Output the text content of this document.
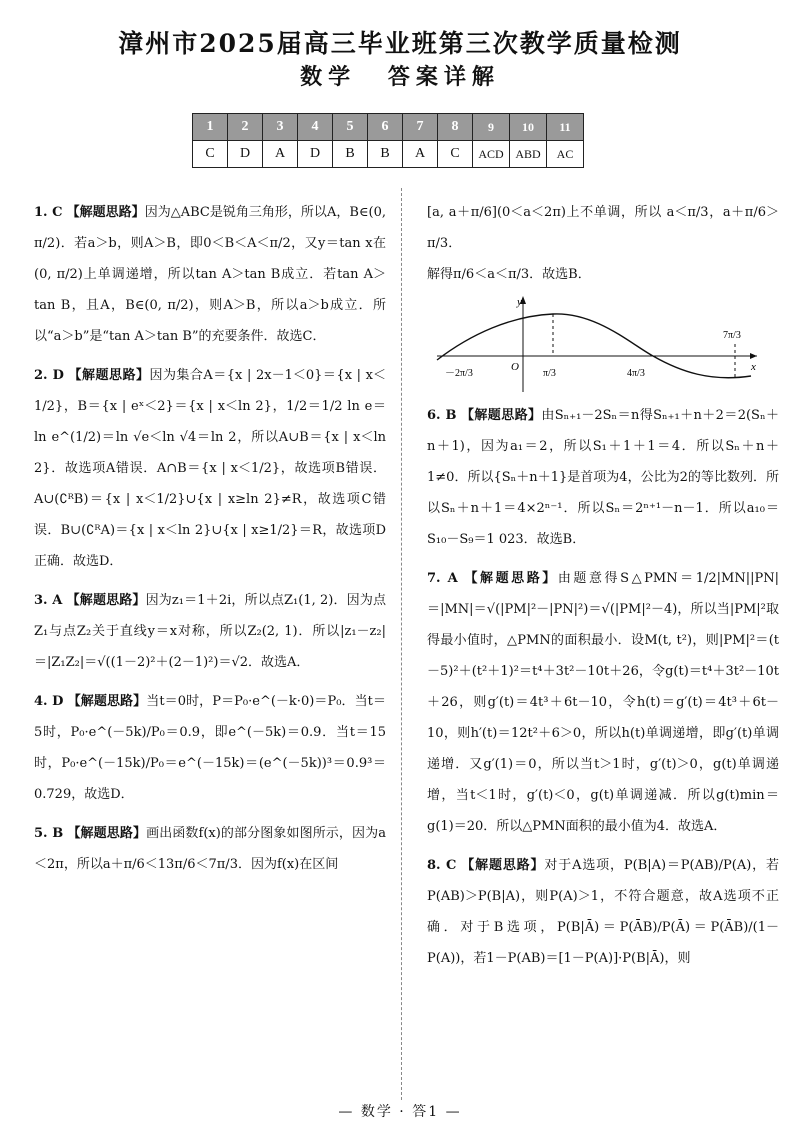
漳州市2025届高三毕业班第三次教学质量检测
数学 答案详解
1	2	3	4	5	6	7	8	9	10	11
C	D	A	D	B	B	A	C	ACD	ABD	AC

1. C 【解题思路】因为△ABC是锐角三角形，所以A，B∈(0, π/2)．若a＞b，则A＞B，即0＜B＜A＜π/2，又y＝tan x在(0, π/2)上单调递增，所以tan A＞tan B成立．若tan A＞tan B，且A，B∈(0, π/2)，则A＞B，所以a＞b成立．所以“a＞b”是“tan A＞tan B”的充要条件．故选C．

2. D 【解题思路】因为集合A＝{x | 2x－1＜0}＝{x | x＜1/2}，B＝{x | eˣ＜2}＝{x | x＜ln 2}，1/2＝1/2 ln e＝ln e^(1/2)＝ln √e＜ln √4＝ln 2，所以A∪B＝{x | x＜ln 2}．故选项A错误．A∩B＝{x | x＜1/2}，故选项B错误．A∪(∁ᴿB)＝{x | x＜1/2}∪{x | x≥ln 2}≠R，故选项C错误．B∪(∁ᴿA)＝{x | x＜ln 2}∪{x | x≥1/2}＝R，故选项D正确．故选D．

3. A 【解题思路】因为z₁＝1＋2i，所以点Z₁(1, 2)．因为点Z₁与点Z₂关于直线y＝x对称，所以Z₂(2, 1)．所以|z₁－z₂|＝|Z₁Z₂|＝√((1－2)²＋(2－1)²)＝√2．故选A．

4. D 【解题思路】当t＝0时，P＝P₀·e^(－k·0)＝P₀．当t＝5时，P₀·e^(－5k)/P₀＝0.9，即e^(－5k)＝0.9．当t＝15时，P₀·e^(－15k)/P₀＝e^(－15k)＝(e^(－5k))³＝0.9³＝0.729，故选D．

5. B 【解题思路】画出函数f(x)的部分图象如图所示，因为a＜2π，所以a＋π/6＜13π/6＜7π/3．因为f(x)在区间

[a, a＋π/6](0＜a＜2π)上不单调，所以 a＜π/3，a＋π/6＞π/3．

解得π/6＜a＜π/3．故选B．

y
x
O
－2π/3	π/3	4π/3
7π/3

6. B 【解题思路】由Sₙ₊₁－2Sₙ＝n得Sₙ₊₁＋n＋2＝2(Sₙ＋n＋1)，因为a₁＝2，所以S₁＋1＋1＝4．所以Sₙ＋n＋1≠0．所以{Sₙ＋n＋1}是首项为4，公比为2的等比数列．所以Sₙ＋n＋1＝4×2ⁿ⁻¹．所以Sₙ＝2ⁿ⁺¹－n－1．所以a₁₀＝S₁₀－S₉＝1 023．故选B．

7. A 【解题思路】由题意得S△PMN＝1/2|MN||PN|＝|MN|＝√(|PM|²－|PN|²)＝√(|PM|²－4)，所以当|PM|²取得最小值时，△PMN的面积最小．设M(t, t²)，则|PM|²＝(t－5)²＋(t²＋1)²＝t⁴＋3t²－10t＋26，令g(t)＝t⁴＋3t²－10t＋26，则g′(t)＝4t³＋6t－10，令h(t)＝g′(t)＝4t³＋6t－10，则h′(t)＝12t²＋6＞0，所以h(t)单调递增，即g′(t)单调递增．又g′(1)＝0，所以当t＞1时，g′(t)＞0，g(t)单调递增，当t＜1时，g′(t)＜0，g(t)单调递减．所以g(t)min＝g(1)＝20．所以△PMN面积的最小值为4．故选A．

8. C 【解题思路】对于A选项，P(B|A)＝P(AB)/P(A)，若P(AB)＞P(B|A)，则P(A)＞1，不符合题意，故A选项不正确．对于B选项，P(B|Ā)＝P(ĀB)/P(Ā)＝P(ĀB)/(1－P(A))，若1－P(AB)＝[1－P(A)]·P(B|Ā)，则

— 数学 · 答1 —
